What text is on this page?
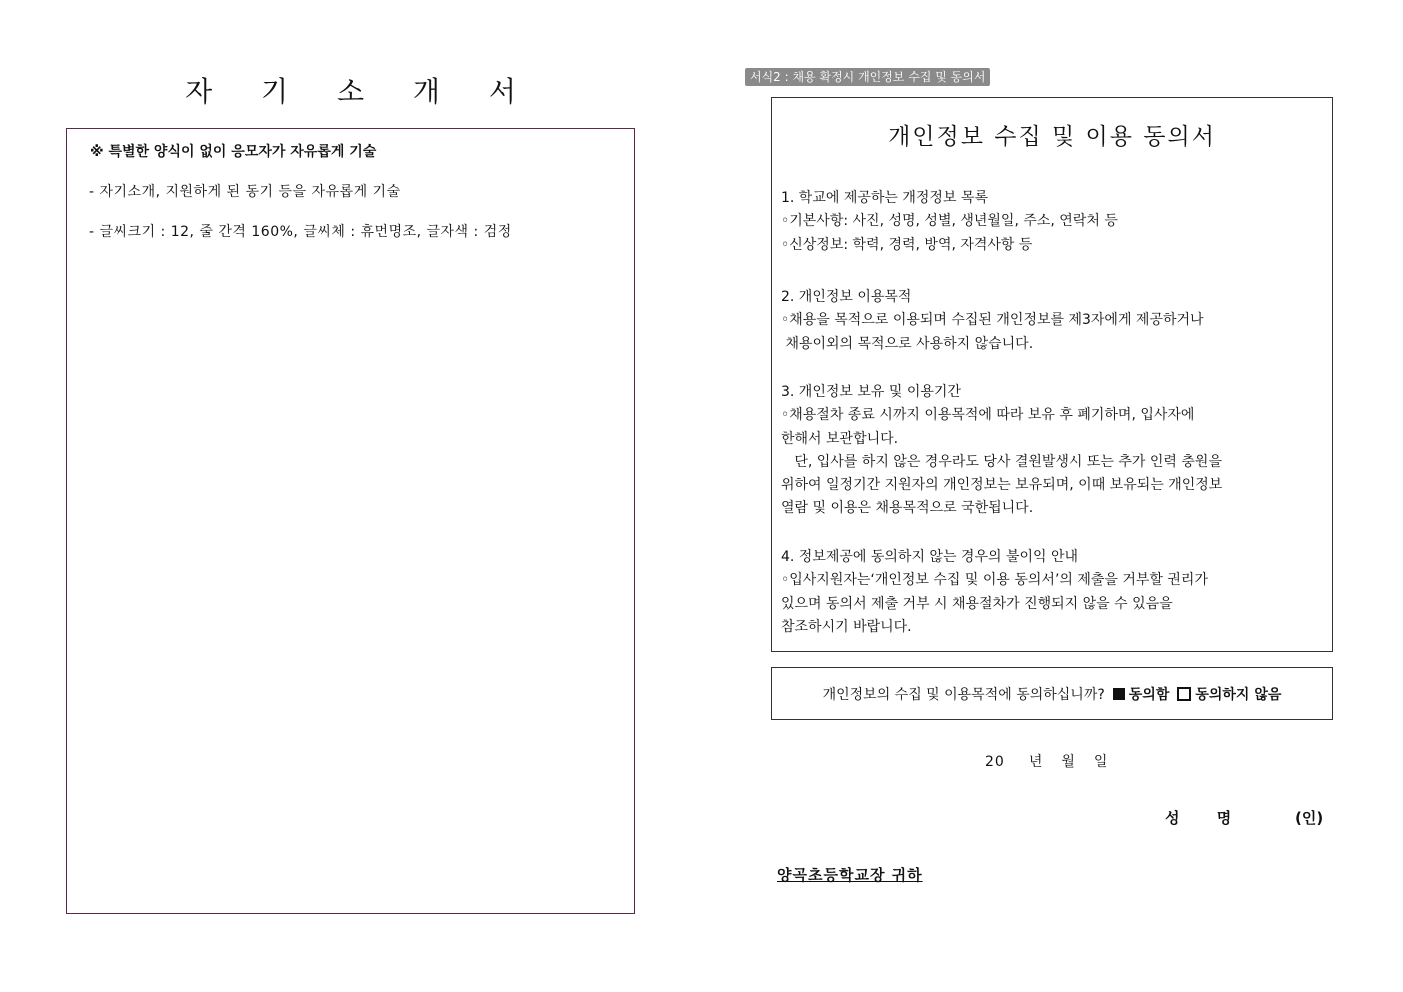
자 기 소 개 서
※ 특별한 양식이 없이 응모자가 자유롭게 기술
- 자기소개, 지원하게 된 동기 등을 자유롭게 기술
- 글씨크기 : 12, 줄 간격 160%, 글씨체 : 휴먼명조, 글자색 : 검정
서식2 : 채용 확정시 개인정보 수집 및 동의서
개인정보 수집 및 이용 동의서

1. 학교에 제공하는 개정정보 목록

◦기본사항: 사진, 성명, 성별, 생년월일, 주소, 연락처 등

◦신상정보: 학력, 경력, 방역, 자격사항 등

2. 개인정보 이용목적

◦채용을 목적으로 이용되며 수집된 개인정보를 제3자에게 제공하거나

채용이외의 목적으로 사용하지 않습니다.

3. 개인정보 보유 및 이용기간

◦채용절차 종료 시까지 이용목적에 따라 보유 후 폐기하며, 입사자에

한해서 보관합니다.

단, 입사를 하지 않은 경우라도 당사 결원발생시 또는 추가 인력 충원을

위하여 일정기간 지원자의 개인정보는 보유되며, 이때 보유되는 개인정보

열람 및 이용은 채용목적으로 국한됩니다.

4. 정보제공에 동의하지 않는 경우의 불이익 안내

◦입사지원자는‘개인정보 수집 및 이용 동의서’의 제출을 거부할 권리가

있으며 동의서 제출 거부 시 채용절차가 진행되지 않을 수 있음을

참조하시기 바랍니다.

개인정보의 수집 및 이용목적에 동의하십니까? 동의함 동의하지 않음
20 년 월 일
성 명	(인)
양곡초등학교장 귀하
